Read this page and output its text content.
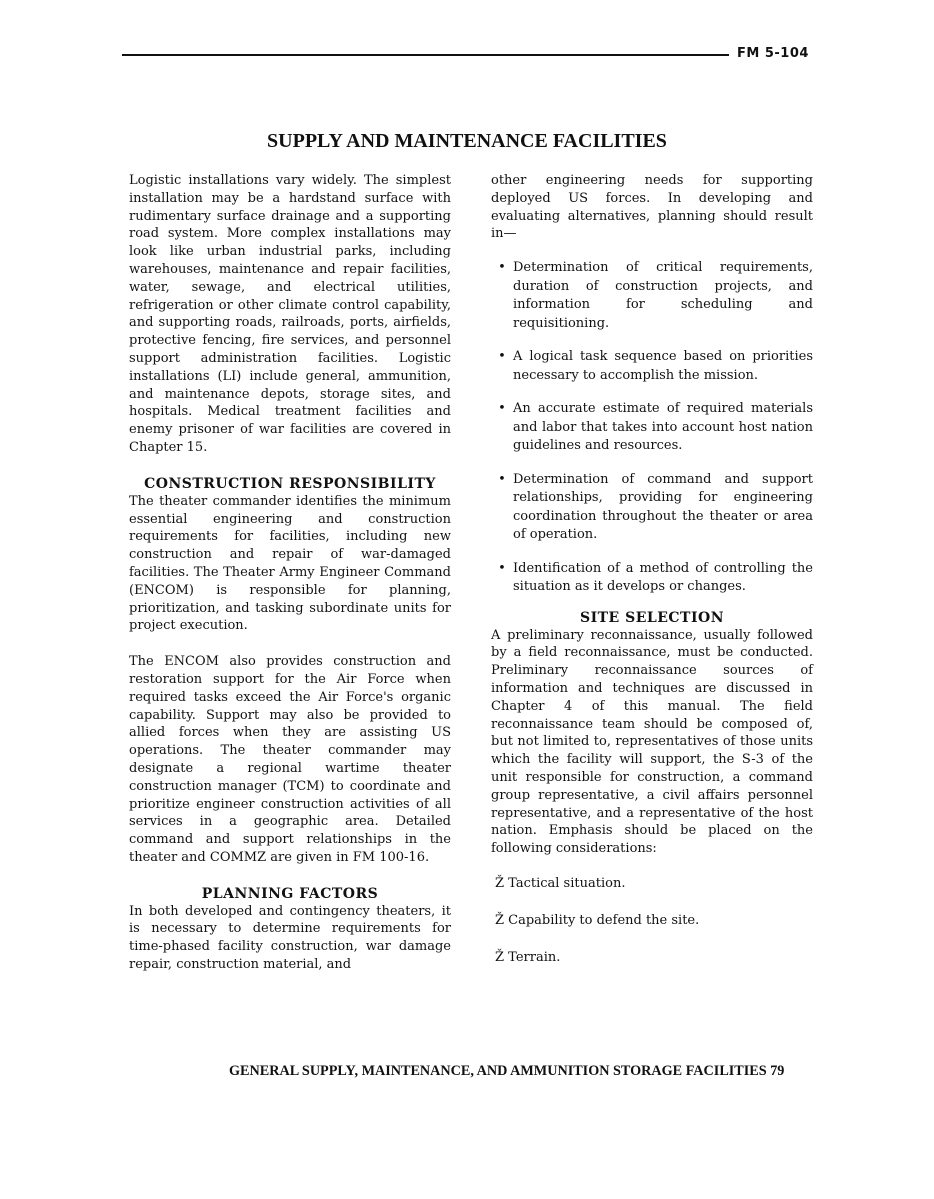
FM 5-104
SUPPLY AND MAINTENANCE FACILITIES

Logistic installations vary widely. The simplest installation may be a hardstand surface with rudimentary surface drainage and a supporting road system. More complex installations may look like urban industrial parks, including warehouses, maintenance and repair facilities, water, sewage, and electrical utilities, refrigeration or other climate control capability, and supporting roads, railroads, ports, airfields, protective fencing, fire services, and personnel support administration facilities. Logistic installations (LI) include general, ammunition, and maintenance depots, storage sites, and hospitals. Medical treatment facilities and enemy prisoner of war facilities are covered in Chapter 15.

CONSTRUCTION RESPONSIBILITY

The theater commander identifies the minimum essential engineering and construction requirements for facilities, including new construction and repair of war-damaged facilities. The Theater Army Engineer Command (ENCOM) is responsible for planning, prioritization, and tasking subordinate units for project execution.

The ENCOM also provides construction and restoration support for the Air Force when required tasks exceed the Air Force's organic capability. Support may also be provided to allied forces when they are assisting US operations. The theater commander may designate a regional wartime theater construction manager (TCM) to coordinate and prioritize engineer construction activities of all services in a geographic area. Detailed command and support relationships in the theater and COMMZ are given in FM 100-16.

PLANNING FACTORS

In both developed and contingency theaters, it is necessary to determine requirements for time-phased facility construction, war damage repair, construction material, and

other engineering needs for supporting deployed US forces. In developing and evaluating alternatives, planning should result in—

• Determination of critical requirements, duration of construction projects, and information for scheduling and requisitioning.
• A logical task sequence based on priorities necessary to accomplish the mission.
• An accurate estimate of required materials and labor that takes into account host nation guidelines and resources.
• Determination of command and support relationships, providing for engineering coordination throughout the theater or area of operation.
• Identification of a method of controlling the situation as it develops or changes.
SITE SELECTION

A preliminary reconnaissance, usually followed by a field reconnaissance, must be conducted. Preliminary reconnaissance sources of information and techniques are discussed in Chapter 4 of this manual. The field reconnaissance team should be composed of, but not limited to, representatives of those units which the facility will support, the S-3 of the unit responsible for construction, a command group representative, a civil affairs personnel representative, and a representative of the host nation. Emphasis should be placed on the following considerations:

Ž Tactical situation.
Ž Capability to defend the site.
Ž Terrain.
GENERAL SUPPLY, MAINTENANCE, AND AMMUNITION STORAGE FACILITIES 79
